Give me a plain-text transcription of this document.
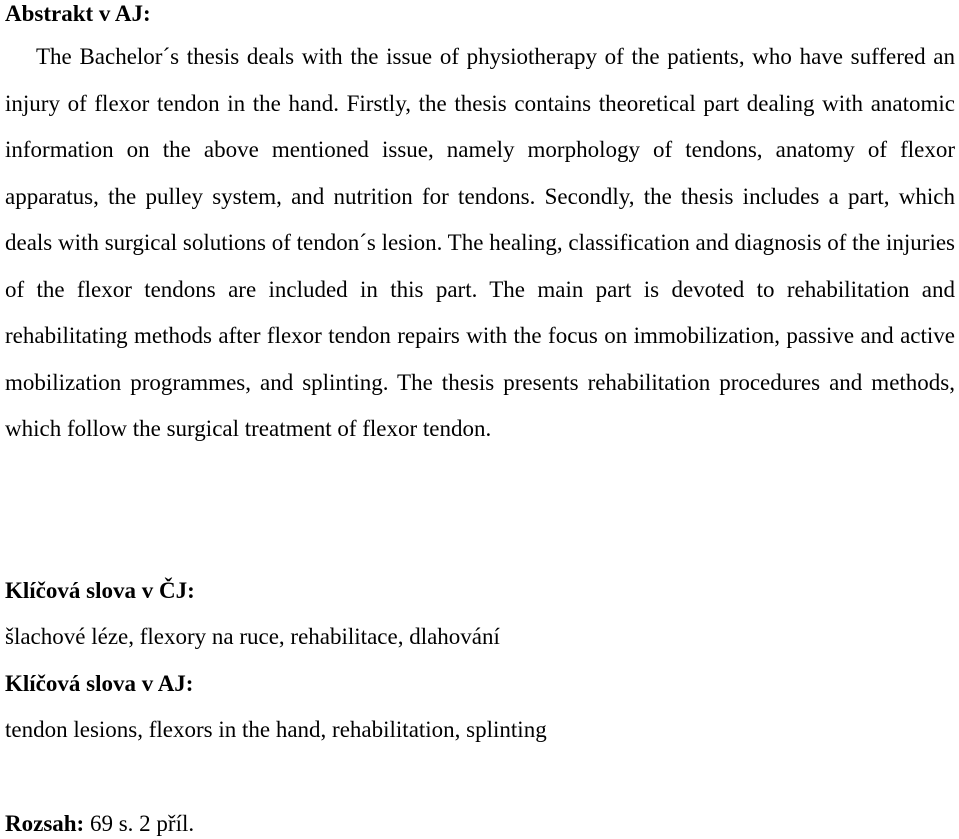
Abstrakt v AJ:

The Bachelor´s thesis deals with the issue of physiotherapy of the patients, who have suffered an injury of flexor tendon in the hand. Firstly, the thesis contains theoretical part dealing with anatomic information on the above mentioned issue, namely morphology of tendons, anatomy of flexor apparatus, the pulley system, and nutrition for tendons. Secondly, the thesis includes a part, which deals with surgical solutions of tendon´s lesion. The healing, classification and diagnosis of the injuries of the flexor tendons are included in this part. The main part is devoted to rehabilitation and rehabilitating methods after flexor tendon repairs with the focus on immobilization, passive and active mobilization programmes, and splinting. The thesis presents rehabilitation procedures and methods, which follow the surgical treatment of flexor tendon.

Klíčová slova v ČJ:
šlachové léze, flexory na ruce, rehabilitace, dlahování
Klíčová slova v AJ:
tendon lesions, flexors in the hand, rehabilitation, splinting
Rozsah: 69 s. 2 příl.
